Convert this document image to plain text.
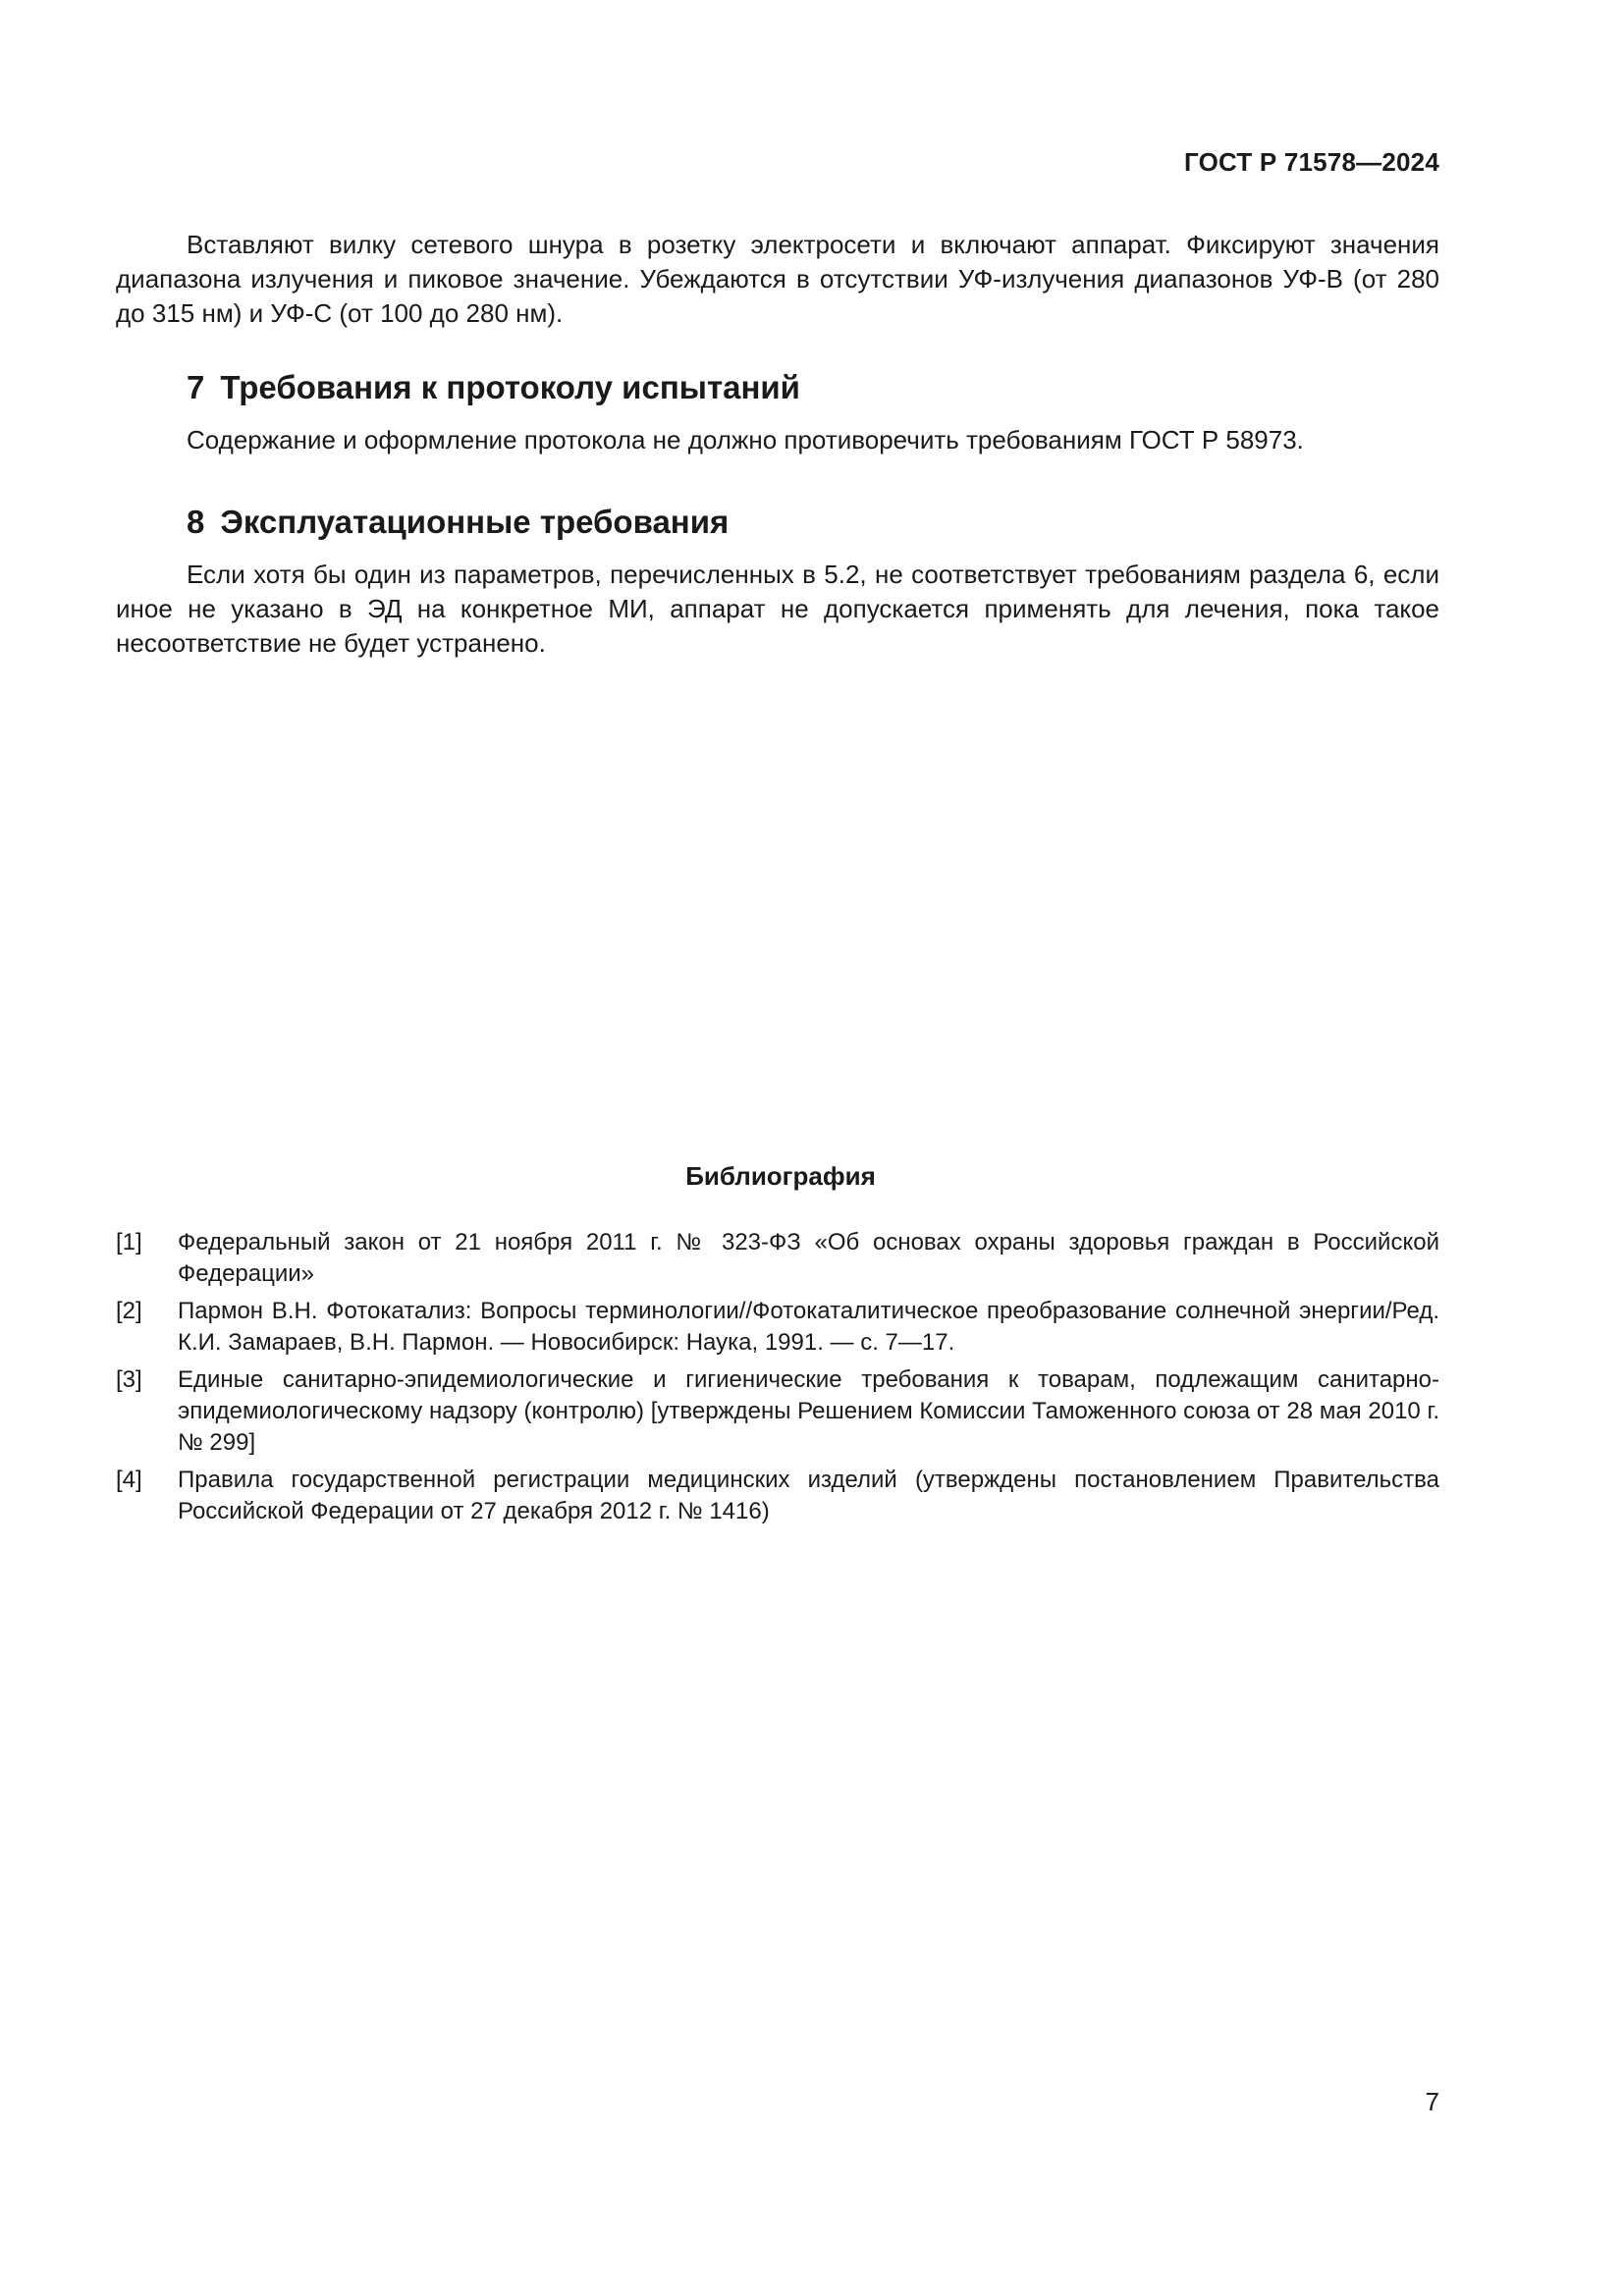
ГОСТ Р 71578—2024

Вставляют вилку сетевого шнура в розетку электросети и включают аппарат. Фиксируют значения диапазона излучения и пиковое значение. Убеждаются в отсутствии УФ-излучения диапазонов УФ-В (от 280 до 315 нм) и УФ-С (от 100 до 280 нм).

7 Требования к протоколу испытаний

Содержание и оформление протокола не должно противоречить требованиям ГОСТ Р 58973.

8 Эксплуатационные требования

Если хотя бы один из параметров, перечисленных в 5.2, не соответствует требованиям раздела 6, если иное не указано в ЭД на конкретное МИ, аппарат не допускается применять для лечения, пока такое несоответствие не будет устранено.

Библиография
[1]	Федеральный закон от 21 ноября 2011 г. № 323-ФЗ «Об основах охраны здоровья граждан в Российской Федерации»
[2]	Пармон В.Н. Фотокатализ: Вопросы терминологии//Фотокаталитическое преобразование солнечной энергии/Ред. К.И. Замараев, В.Н. Пармон. — Новосибирск: Наука, 1991. — с. 7—17.
[3]	Единые санитарно-эпидемиологические и гигиенические требования к товарам, подлежащим санитарно-эпидемиологическому надзору (контролю) [утверждены Решением Комиссии Таможенного союза от 28 мая 2010 г. № 299]
[4]	Правила государственной регистрации медицинских изделий (утверждены постановлением Правительства Российской Федерации от 27 декабря 2012 г. № 1416)
7
